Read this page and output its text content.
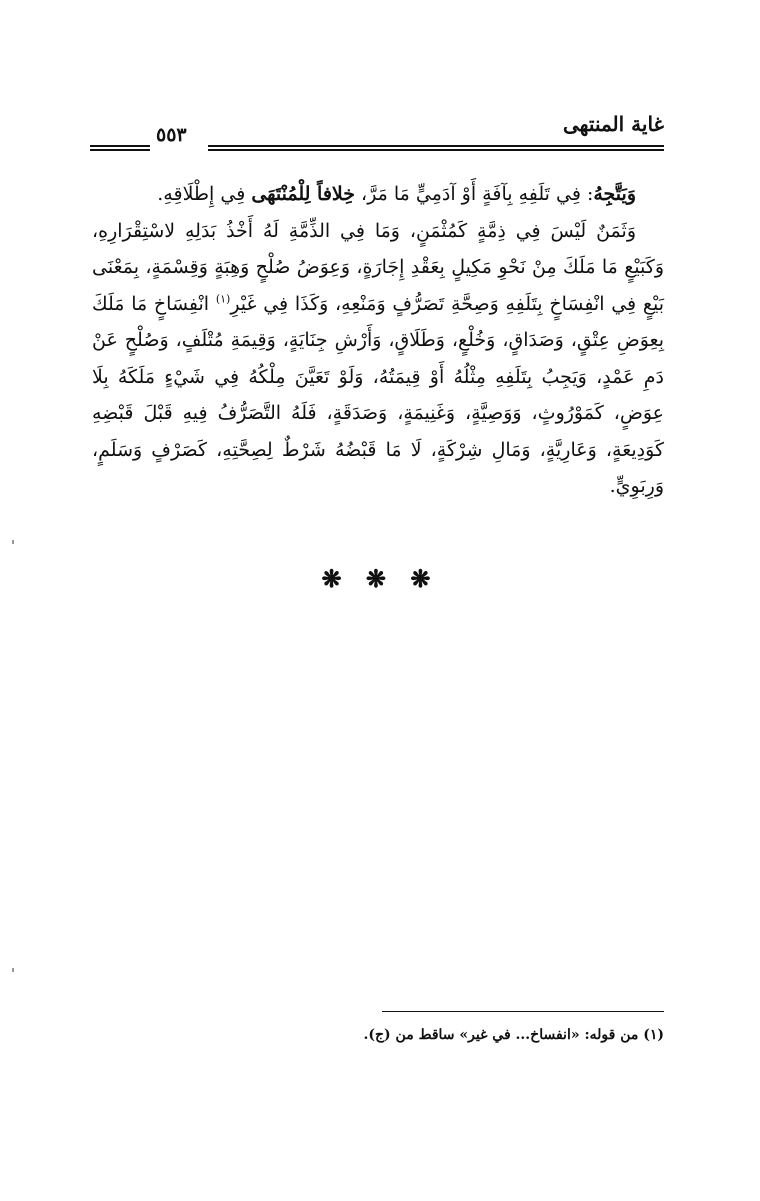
غاية المنتهى
٥٥٣

وَيَتَّجِهُ: فِي تَلَفِهِ بِآفَةٍ أَوْ آدَمِيٍّ مَا مَرَّ، خِلافاً لِلْمُنْتَهَى فِي إِطْلَاقِهِ.

وَثَمَنٌ لَيْسَ فِي ذِمَّةٍ كَمُثْمَنٍ، وَمَا فِي الذِّمَّةِ لَهُ أَخْذُ بَدَلِهِ لاسْتِقْرَارِهِ، وَكَبَيْعٍ مَا مَلَكَ مِنْ نَحْوِ مَكِيلٍ بِعَقْدِ إِجَارَةٍ، وَعِوَضُ صُلْحٍ وَهِبَةٍ وَقِسْمَةٍ، بِمَعْنَى بَيْعٍ فِي انْفِسَاخٍ بِتَلَفِهِ وَصِحَّةِ تَصَرُّفٍ وَمَنْعِهِ، وَكَذَا فِي غَيْرِ$^{(١)}$ انْفِسَاخٍ مَا مَلَكَ بِعِوَضِ عِتْقٍ، وَصَدَاقٍ، وَخُلْعٍ، وَطَلَاقٍ، وَأَرْشِ جِنَايَةٍ، وَقِيمَةِ مُتْلَفٍ، وَصُلْحٍ عَنْ دَمِ عَمْدٍ، وَيَجِبُ بِتَلَفِهِ مِثْلُهُ أَوْ قِيمَتُهُ، وَلَوْ تَعَيَّنَ مِلْكُهُ فِي شَيْءٍ مَلَكَهُ بِلَا عِوَضٍ، كَمَوْرُوثٍ، وَوَصِيَّةٍ، وَغَنِيمَةٍ، وَصَدَقَةٍ، فَلَهُ التَّصَرُّفُ فِيهِ قَبْلَ قَبْضِهِ كَوَدِيعَةٍ، وَعَارِيَّةٍ، وَمَالِ شِرْكَةٍ، لَا مَا قَبْضُهُ شَرْطٌ لِصِحَّتِهِ، كَصَرْفٍ وَسَلَمٍ، وَرِبَوِيٍّ.

❋ ❋ ❋
(١) من قوله: «انفساخ... في غير» ساقط من (ج).
